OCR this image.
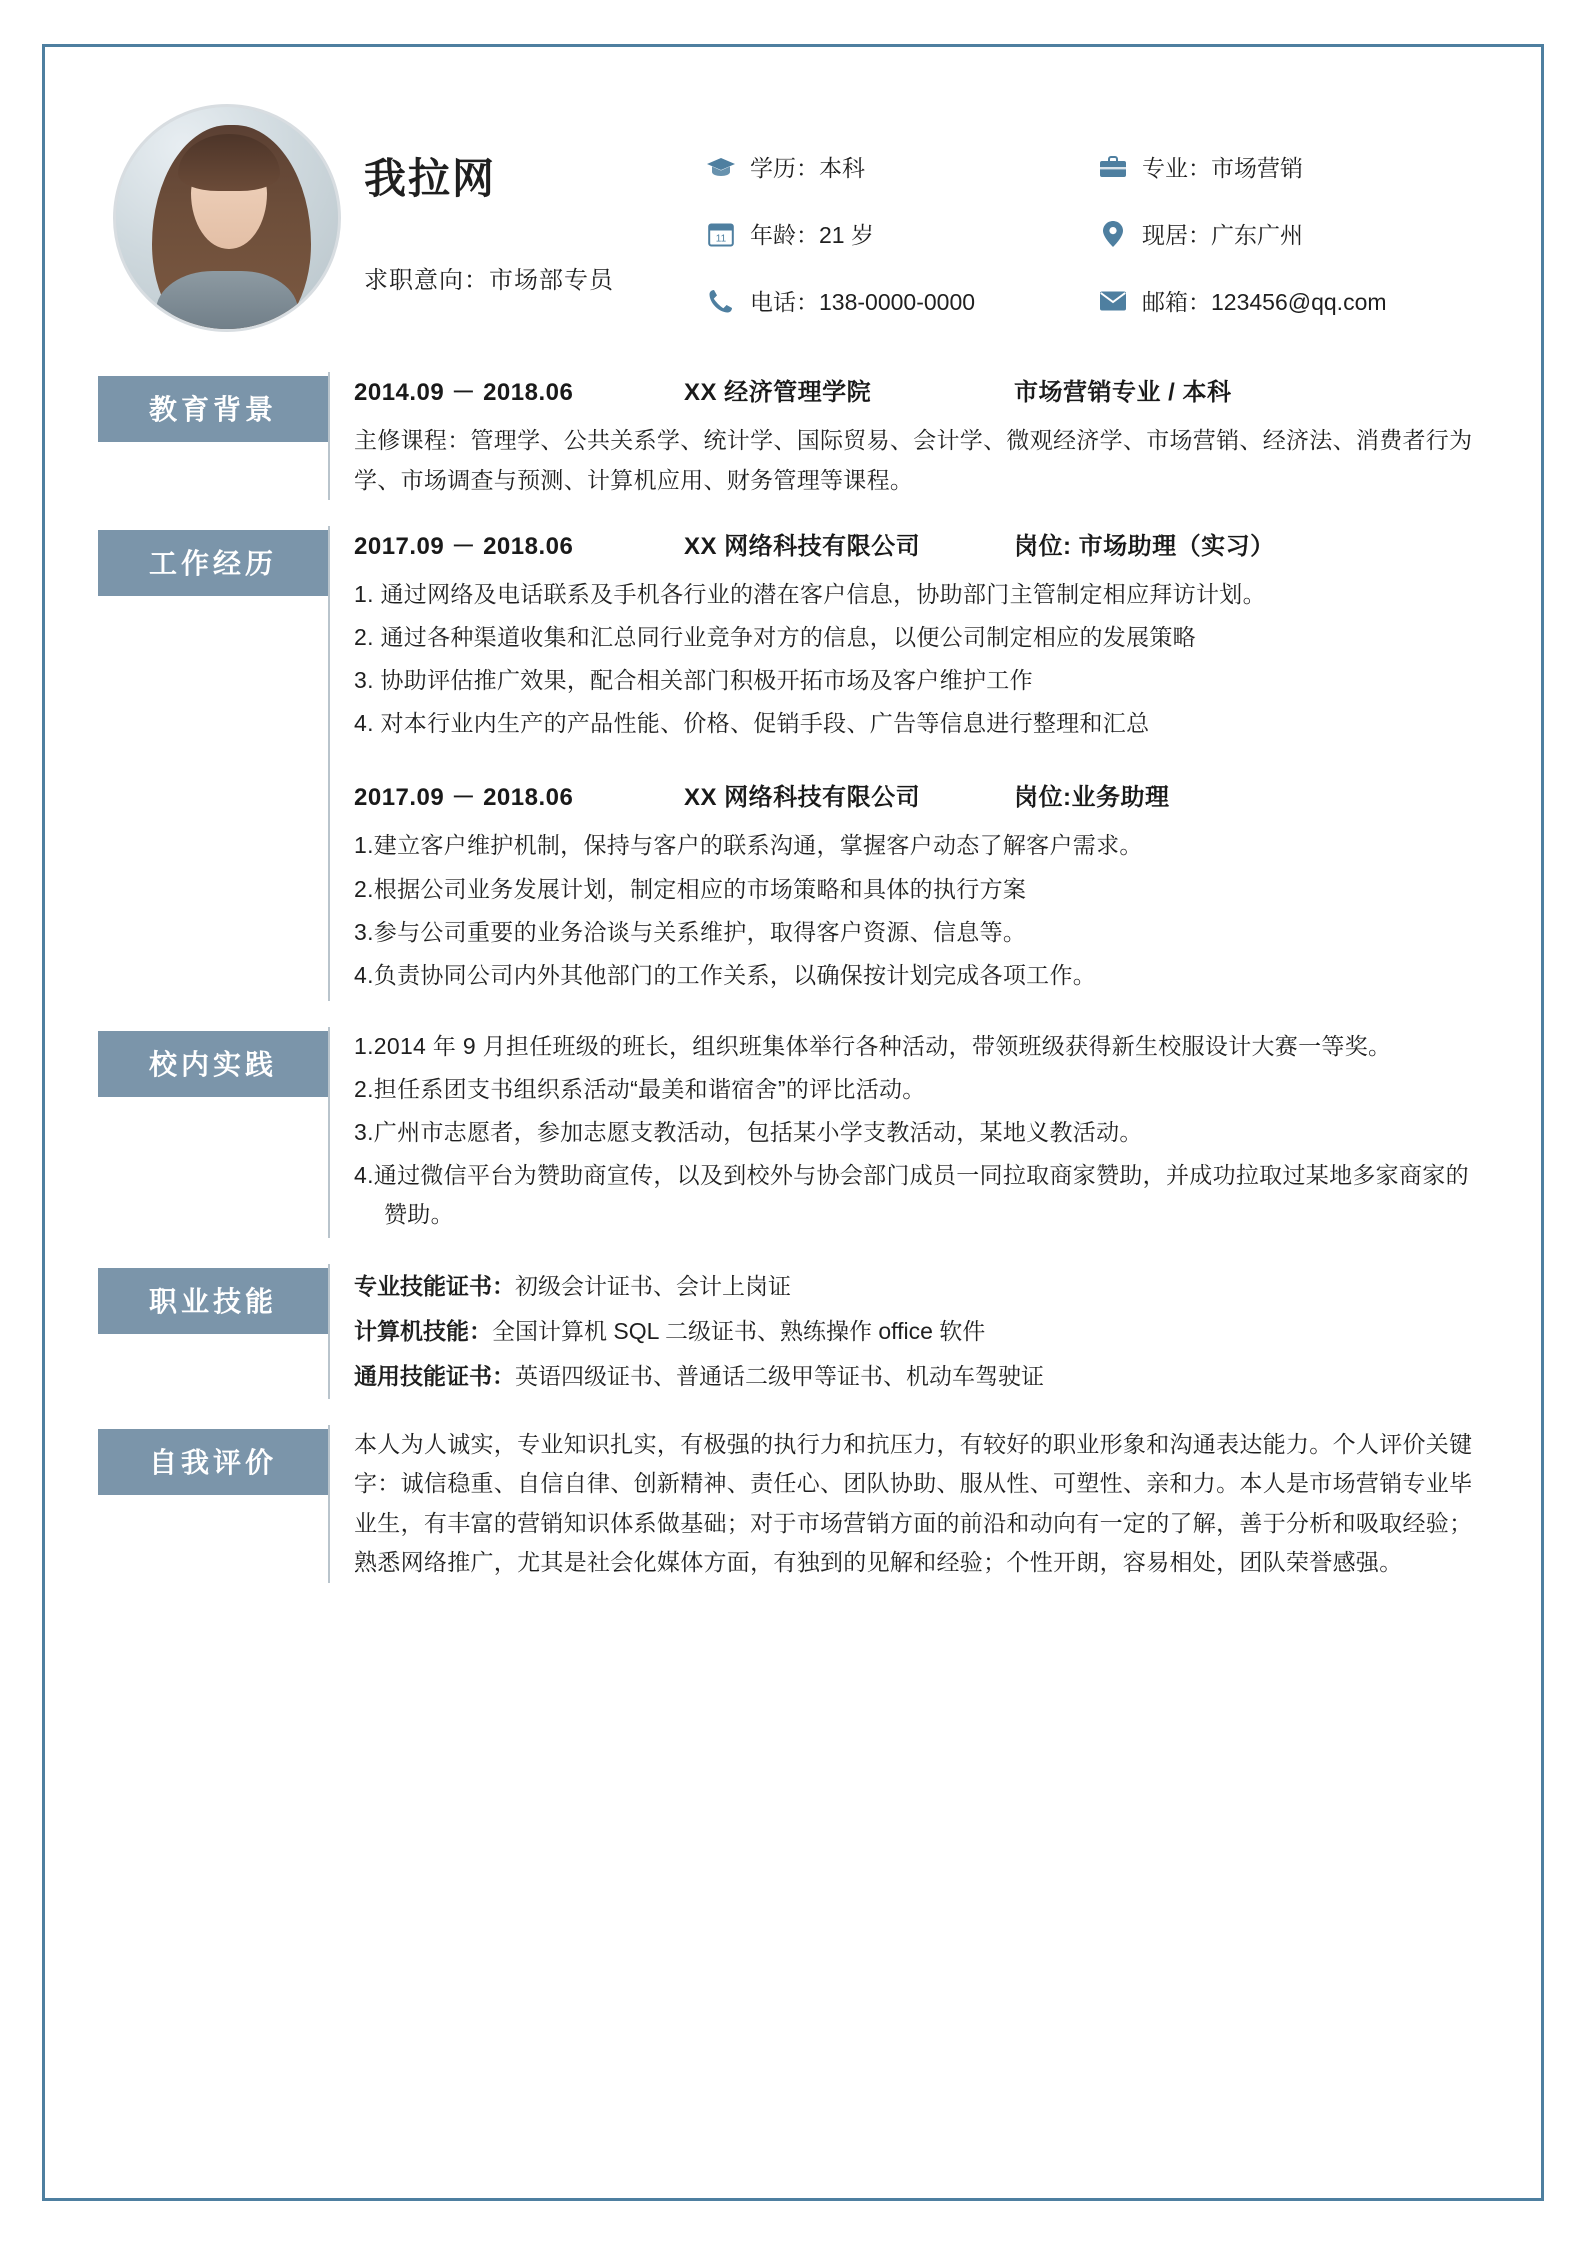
我拉网
求职意向：市场部专员
学历：本科	专业：市场营销
11 年龄：21 岁	现居：广东广州
电话：138-0000-0000	邮箱：123456@qq.com
教育背景
2014.09 － 2018.06	XX 经济管理学院	市场营销专业 / 本科
主修课程：管理学、公共关系学、统计学、国际贸易、会计学、微观经济学、市场营销、经济法、消费者行为学、市场调查与预测、计算机应用、财务管理等课程。
工作经历
2017.09 － 2018.06	XX 网络科技有限公司	岗位: 市场助理（实习）
1. 通过网络及电话联系及手机各行业的潜在客户信息，协助部门主管制定相应拜访计划。
2. 通过各种渠道收集和汇总同行业竞争对方的信息，以便公司制定相应的发展策略
3. 协助评估推广效果，配合相关部门积极开拓市场及客户维护工作
4. 对本行业内生产的产品性能、价格、促销手段、广告等信息进行整理和汇总
2017.09 － 2018.06	XX 网络科技有限公司	岗位:业务助理
1.建立客户维护机制，保持与客户的联系沟通，掌握客户动态了解客户需求。
2.根据公司业务发展计划，制定相应的市场策略和具体的执行方案
3.参与公司重要的业务洽谈与关系维护，取得客户资源、信息等。
4.负责协同公司内外其他部门的工作关系，以确保按计划完成各项工作。
校内实践
1.2014 年 9 月担任班级的班长，组织班集体举行各种活动，带领班级获得新生校服设计大赛一等奖。
2.担任系团支书组织系活动“最美和谐宿舍”的评比活动。
3.广州市志愿者，参加志愿支教活动，包括某小学支教活动，某地义教活动。
4.通过微信平台为赞助商宣传，以及到校外与协会部门成员一同拉取商家赞助，并成功拉取过某地多家商家的赞助。
职业技能	专业技能证书：初级会计证书、会计上岗证
计算机技能：全国计算机 SQL 二级证书、熟练操作 office 软件
通用技能证书：英语四级证书、普通话二级甲等证书、机动车驾驶证
自我评价
本人为人诚实，专业知识扎实，有极强的执行力和抗压力，有较好的职业形象和沟通表达能力。个人评价关键字：诚信稳重、自信自律、创新精神、责任心、团队协助、服从性、可塑性、亲和力。本人是市场营销专业毕业生，有丰富的营销知识体系做基础；对于市场营销方面的前沿和动向有一定的了解，善于分析和吸取经验； 熟悉网络推广，尤其是社会化媒体方面，有独到的见解和经验；个性开朗，容易相处，团队荣誉感强。
